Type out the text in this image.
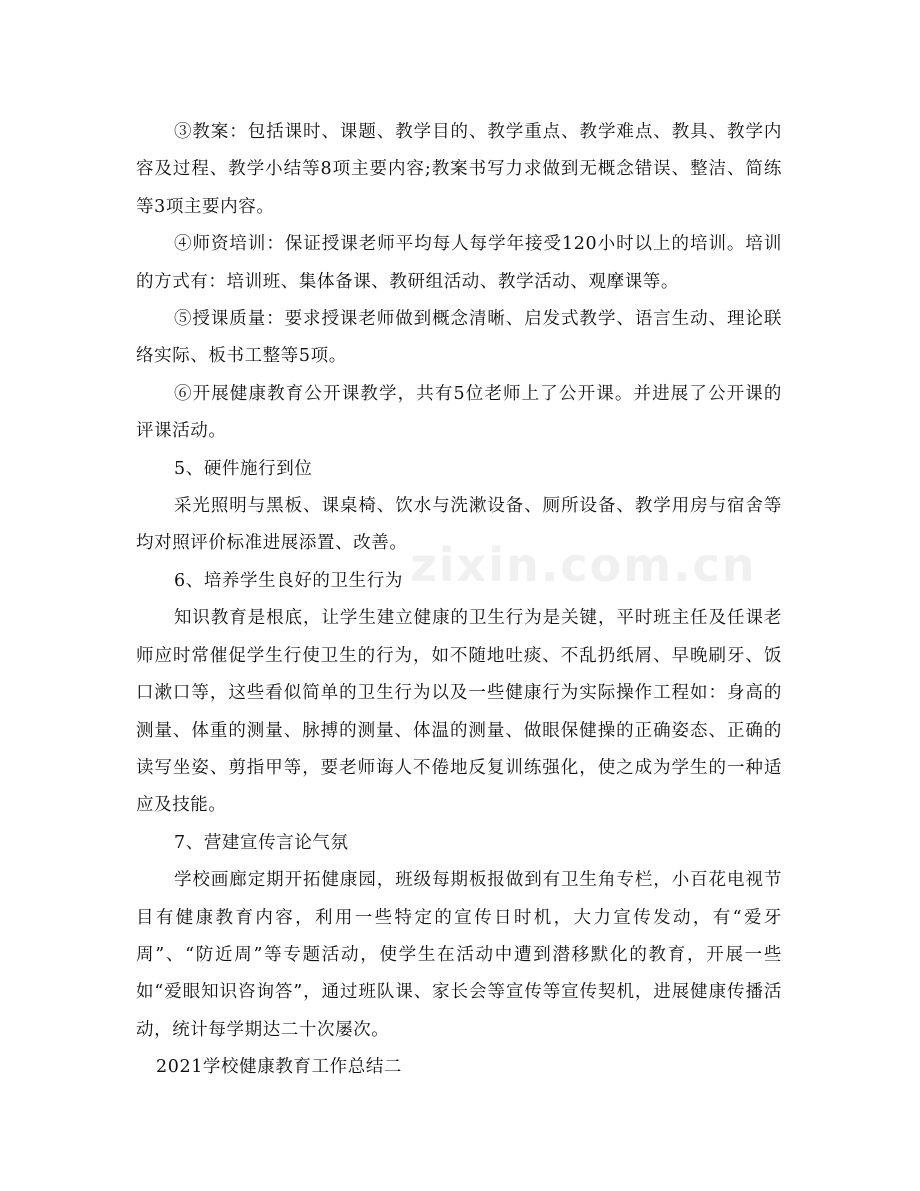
③教案：包括课时、课题、教学目的、教学重点、教学难点、教具、教学内容及过程、教学小结等8项主要内容;教案书写力求做到无概念错误、整洁、简练等3项主要内容。

④师资培训：保证授课老师平均每人每学年接受120小时以上的培训。培训的方式有：培训班、集体备课、教研组活动、教学活动、观摩课等。

⑤授课质量：要求授课老师做到概念清晰、启发式教学、语言生动、理论联络实际、板书工整等5项。

⑥开展健康教育公开课教学，共有5位老师上了公开课。并进展了公开课的评课活动。

5、硬件施行到位

采光照明与黑板、课桌椅、饮水与洗漱设备、厕所设备、教学用房与宿舍等均对照评价标准进展添置、改善。

6、培养学生良好的卫生行为

知识教育是根底，让学生建立健康的卫生行为是关键，平时班主任及任课老师应时常催促学生行使卫生的行为，如不随地吐痰、不乱扔纸屑、早晚刷牙、饭口漱口等，这些看似简单的卫生行为以及一些健康行为实际操作工程如：身高的测量、体重的测量、脉搏的测量、体温的测量、做眼保健操的正确姿态、正确的读写坐姿、剪指甲等，要老师诲人不倦地反复训练强化，使之成为学生的一种适应及技能。

7、营建宣传言论气氛

学校画廊定期开拓健康园，班级每期板报做到有卫生角专栏，小百花电视节目有健康教育内容，利用一些特定的宣传日时机，大力宣传发动，有“爱牙周”、“防近周”等专题活动，使学生在活动中遭到潜移默化的教育，开展一些如“爱眼知识咨询答”，通过班队课、家长会等宣传等宣传契机，进展健康传播活动，统计每学期达二十次屡次。

2021学校健康教育工作总结二

zixin.com.cn
